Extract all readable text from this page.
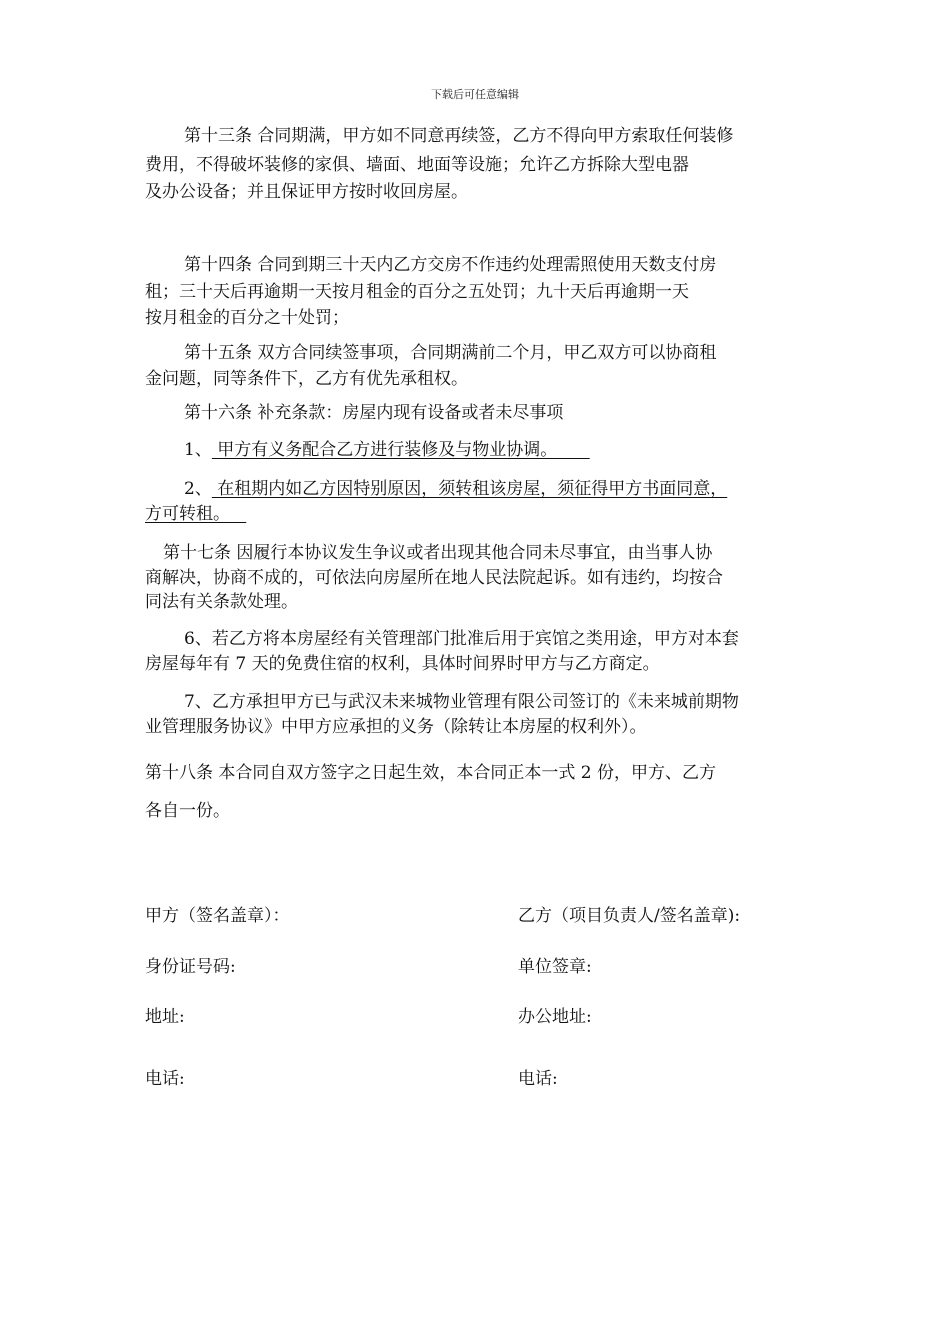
下载后可任意编辑
第十三条 合同期满，甲方如不同意再续签，乙方不得向甲方索取任何装修
费用，不得破坏装修的家俱、墙面、地面等设施；允许乙方拆除大型电器
及办公设备；并且保证甲方按时收回房屋。
第十四条 合同到期三十天内乙方交房不作违约处理需照使用天数支付房
租；三十天后再逾期一天按月租金的百分之五处罚；九十天后再逾期一天
按月租金的百分之十处罚；
第十五条 双方合同续签事项，合同期满前二个月，甲乙双方可以协商租
金问题，同等条件下，乙方有优先承租权。
第十六条 补充条款：房屋内现有设备或者未尽事项
1、 甲方有义务配合乙方进行装修及与物业协调。
2、 在租期内如乙方因特别原因，须转租该房屋，须征得甲方书面同意，
方可转租。
第十七条 因履行本协议发生争议或者出现其他合同未尽事宜，由当事人协
商解决，协商不成的，可依法向房屋所在地人民法院起诉。如有违约，均按合
同法有关条款处理。
6、若乙方将本房屋经有关管理部门批准后用于宾馆之类用途，甲方对本套
房屋每年有 7 天的免费住宿的权利，具体时间界时甲方与乙方商定。
7、乙方承担甲方已与武汉未来城物业管理有限公司签订的《未来城前期物
业管理服务协议》中甲方应承担的义务（除转让本房屋的权利外）。
第十八条 本合同自双方签字之日起生效，本合同正本一式 2 份，甲方、乙方
各自一份。
甲方（签名盖章）：	乙方（项目负责人/签名盖章):
身份证号码:	单位签章:
地址:	办公地址:
电话:	电话:
